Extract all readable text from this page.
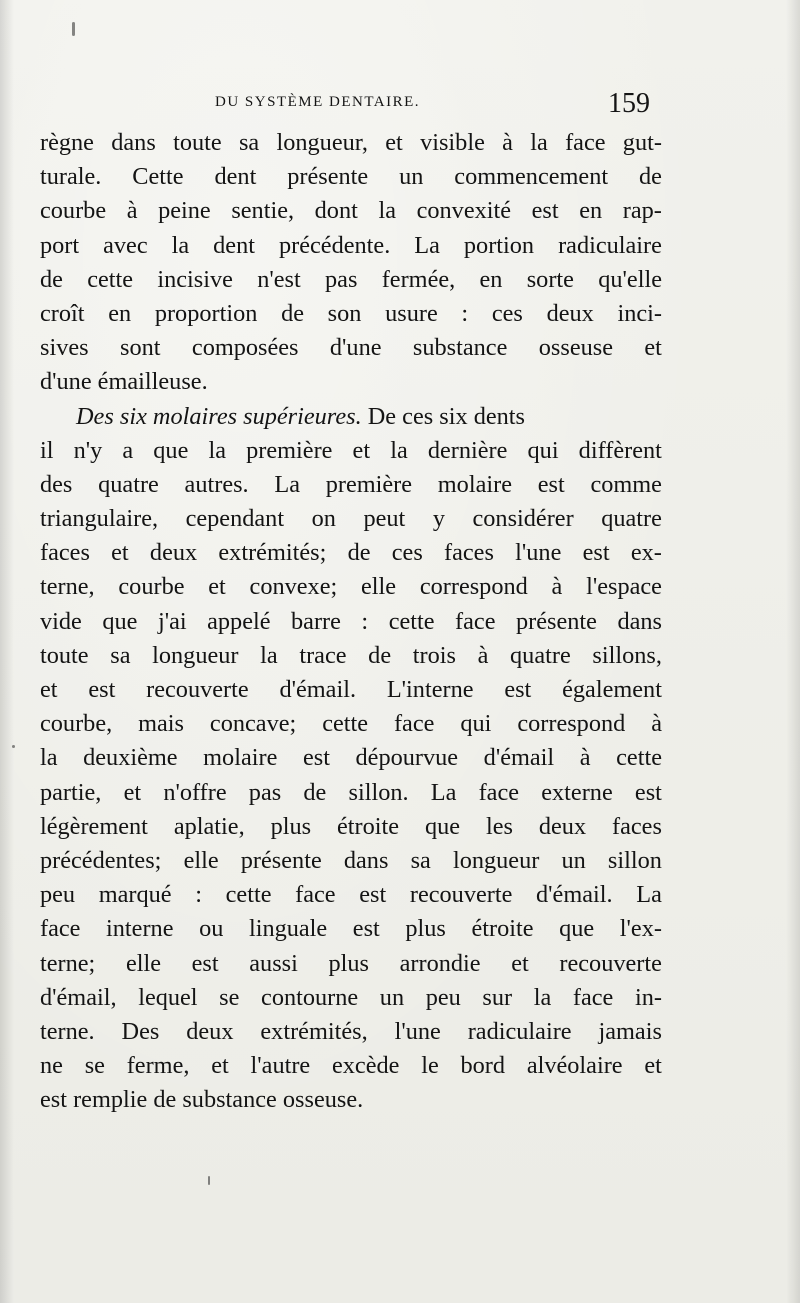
DU SYSTÈME DENTAIRE.	159
règne dans toute sa longueur, et visible à la face gut-
turale. Cette dent présente un commencement de
courbe à peine sentie, dont la convexité est en rap-
port avec la dent précédente. La portion radiculaire
de cette incisive n'est pas fermée, en sorte qu'elle
croît en proportion de son usure : ces deux inci-
sives sont composées d'une substance osseuse et
d'une émailleuse.
Des six molaires supérieures. De ces six dents
il n'y a que la première et la dernière qui diffèrent
des quatre autres. La première molaire est comme
triangulaire, cependant on peut y considérer quatre
faces et deux extrémités; de ces faces l'une est ex-
terne, courbe et convexe; elle correspond à l'espace
vide que j'ai appelé barre : cette face présente dans
toute sa longueur la trace de trois à quatre sillons,
et est recouverte d'émail. L'interne est également
courbe, mais concave; cette face qui correspond à
la deuxième molaire est dépourvue d'émail à cette
partie, et n'offre pas de sillon. La face externe est
légèrement aplatie, plus étroite que les deux faces
précédentes; elle présente dans sa longueur un sillon
peu marqué : cette face est recouverte d'émail. La
face interne ou linguale est plus étroite que l'ex-
terne; elle est aussi plus arrondie et recouverte
d'émail, lequel se contourne un peu sur la face in-
terne. Des deux extrémités, l'une radiculaire jamais
ne se ferme, et l'autre excède le bord alvéolaire et
est remplie de substance osseuse.
